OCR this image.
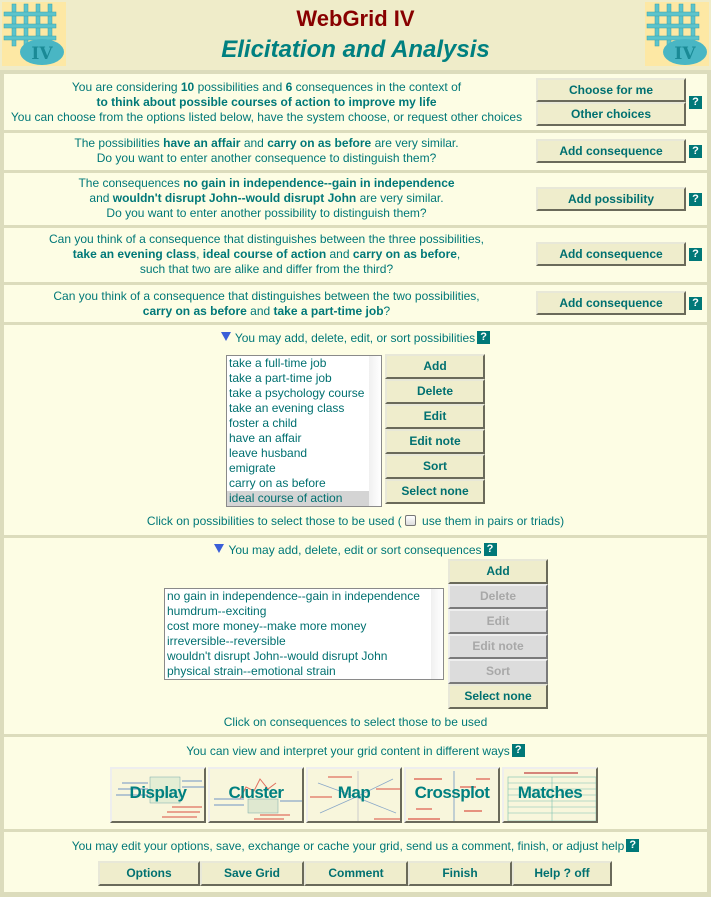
IV
WebGrid IV
Elicitation and Analysis	IV
You are considering 10 possibilities and 6 consequences in the context of
to think about possible courses of action to improve my life
You can choose from the options listed below, have the system choose, or request other choices
Choose for me
Other choices
?
The possibilities have an affair and carry on as before are very similar.
Do you want to enter another consequence to distinguish them?	Add consequence	?
The consequences no gain in independence--gain in independence
and wouldn't disrupt John--would disrupt John are very similar.
Do you want to enter another possibility to distinguish them?
Add possibility	?
Can you think of a consequence that distinguishes between the three possibilities,
take an evening class, ideal course of action and carry on as before,
such that two are alike and differ from the third?
Add consequence	?
Can you think of a consequence that distinguishes between the two possibilities,
carry on as before and take a part-time job?
Add consequence	?
You may add, delete, edit, or sort possibilities ?
take a full-time job
take a part-time job
take a psychology course
take an evening class
foster a child
have an affair
leave husband
emigrate
carry on as before
ideal course of action
Add
Delete
Edit
Edit note
Sort
Select none
Click on possibilities to select those to be used ( use them in pairs or triads)
You may add, delete, edit or sort consequences ?
no gain in independence--gain in independence
humdrum--exciting
cost more money--make more money
irreversible--reversible
wouldn't disrupt John--would disrupt John
physical strain--emotional strain
Add
Delete
Edit
Edit note
Sort
Select none
Click on consequences to select those to be used
You can view and interpret your grid content in different ways ?
Display	Cluster	Map	Crossplot	Matches
You may edit your options, save, exchange or cache your grid, send us a comment, finish, or adjust help ?
Options	Save Grid	Comment	Finish	Help ? off
